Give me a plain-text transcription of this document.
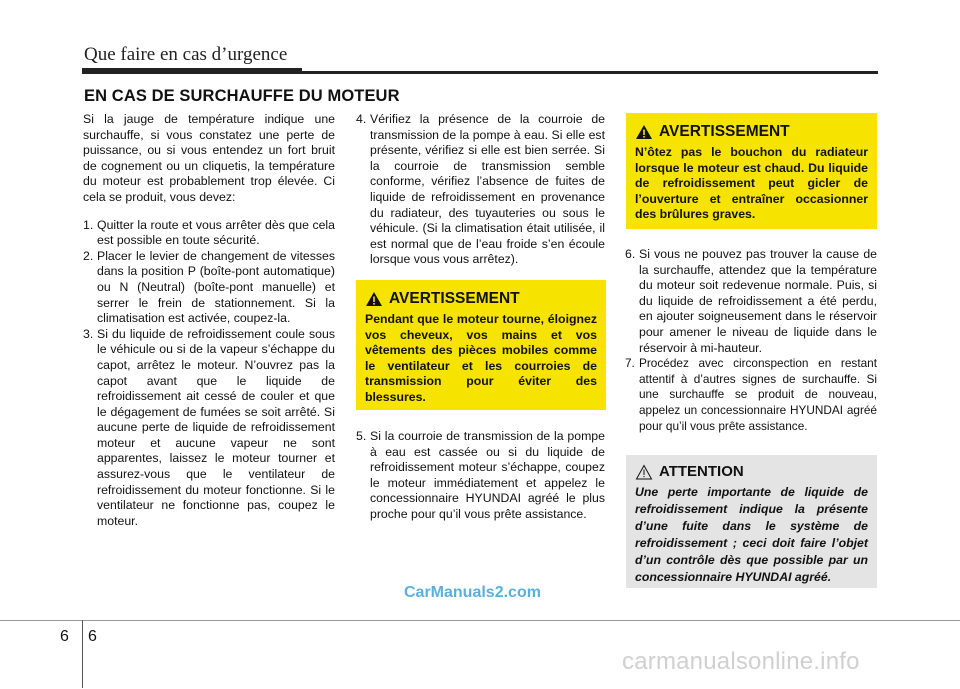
Que faire en cas d’urgence
EN CAS DE SURCHAUFFE DU MOTEUR

Si la jauge de température indique une surchauffe, si vous constatez une perte de puissance, ou si vous entendez un fort bruit de cognement ou un cliquetis, la température du moteur est probablement trop élevée. Ci cela se produit, vous devez:

1. Quitter la route et vous arrêter dès que cela est possible en toute sécurité.
2. Placer le levier de changement de vitesses dans la position P (boîte-pont automatique) ou N (Neutral) (boîte-pont manuelle) et serrer le frein de stationnement. Si la climatisation est activée, coupez-la.
3. Si du liquide de refroidissement coule sous le véhicule ou si de la vapeur s’échappe du capot, arrêtez le moteur. N’ouvrez pas la capot avant que le liquide de refroidissement ait cessé de couler et que le dégagement de fumées se soit arrêté. Si aucune perte de liquide de refroidissement moteur et aucune vapeur ne sont apparentes, laissez le moteur tourner et assurez-vous que le ventilateur de refroidissement du moteur fonctionne. Si le ventilateur ne fonctionne pas, coupez le moteur.
4. Vérifiez la présence de la courroie de transmission de la pompe à eau. Si elle est présente, vérifiez si elle est bien serrée. Si la courroie de transmission semble conforme, vérifiez l’absence de fuites de liquide de refroidissement en provenance du radiateur, des tuyauteries ou sous le véhicule. (Si la climatisation était utilisée, il est normal que de l’eau froide s’en écoule lorsque vous vous arrêtez).
AVERTISSEMENT
Pendant que le moteur tourne, éloignez vos cheveux, vos mains et vos vêtements des pièces mobiles comme le ventilateur et les courroies de transmission pour éviter des blessures.
5. Si la courroie de transmission de la pompe à eau est cassée ou si du liquide de refroidissement moteur s’échappe, coupez le moteur immédiatement et appelez le concessionnaire HYUNDAI agréé le plus proche pour qu’il vous prête assistance.
AVERTISSEMENT
N’ôtez pas le bouchon du radiateur lorsque le moteur est chaud. Du liquide de refroidissement peut gicler de l’ouverture et entraîner occasionner des brûlures graves.
6. Si vous ne pouvez pas trouver la cause de la surchauffe, attendez que la température du moteur soit redevenue normale. Puis, si du liquide de refroidissement a été perdu, en ajouter soigneusement dans le réservoir pour amener le niveau de liquide dans le réservoir à mi-hauteur.
7. Procédez avec circonspection en restant attentif à d’autres signes de surchauffe. Si une surchauffe se produit de nouveau, appelez un concessionnaire HYUNDAI agréé pour qu’il vous prête assistance.
ATTENTION
Une perte importante de liquide de refroidissement indique la présente d’une fuite dans le système de refroidissement ; ceci doit faire l’objet d’un contrôle dès que possible par un concessionnaire HYUNDAI agréé.
CarManuals2.com
6 6
carmanualsonline.info
